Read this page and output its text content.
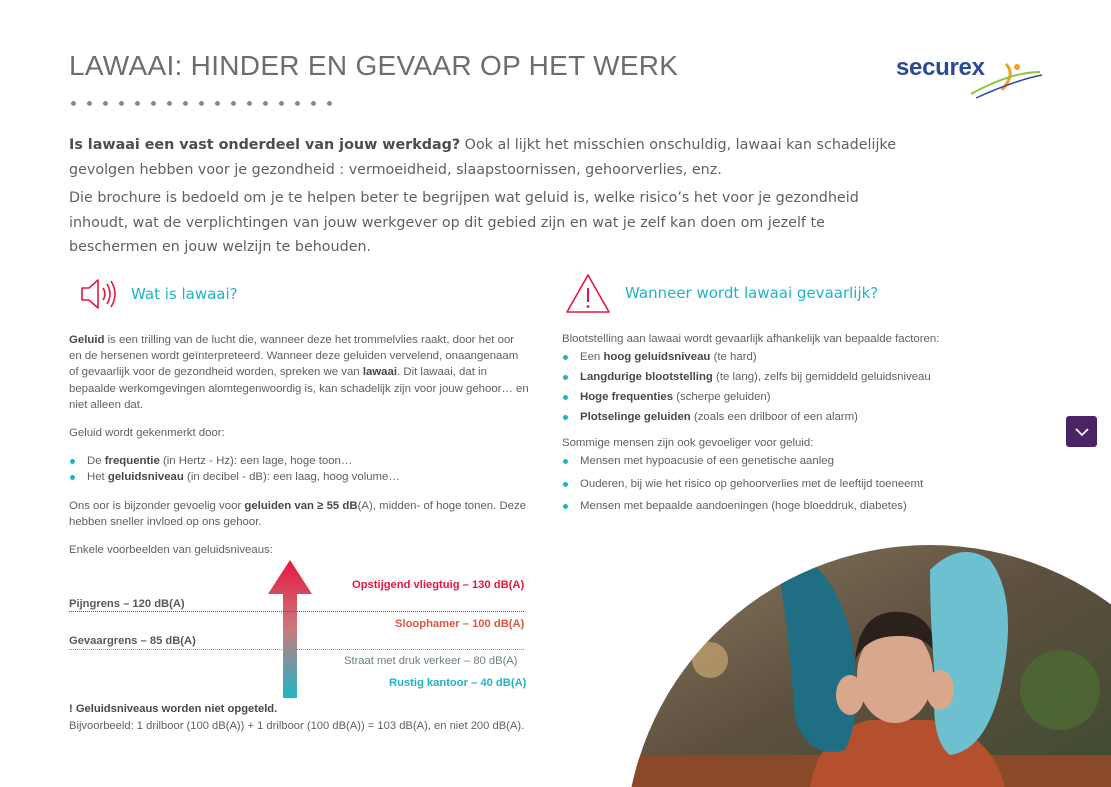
LAWAAI: HINDER EN GEVAAR OP HET WERK	securex

Is lawaai een vast onderdeel van jouw werkdag? Ook al lijkt het misschien onschuldig, lawaai kan schadelijke gevolgen hebben voor je gezondheid : vermoeidheid, slaapstoornissen, gehoorverlies, enz.

Die brochure is bedoeld om je te helpen beter te begrijpen wat geluid is, welke risico’s het voor je gezondheid inhoudt, wat de verplichtingen van jouw werkgever op dit gebied zijn en wat je zelf kan doen om jezelf te beschermen en jouw welzijn te behouden.

Wat is lawaai?	Wanneer wordt lawaai gevaarlijk?

Geluid is een trilling van de lucht die, wanneer deze het trommelvlies raakt, door het oor en de hersenen wordt geïnterpreteerd. Wanneer deze geluiden vervelend, onaangenaam of gevaarlijk voor de gezondheid worden, spreken we van lawaai. Dit lawaai, dat in bepaalde werkomgevingen alomtegenwoordig is, kan schadelijk zijn voor jouw gehoor… en niet alleen dat.

Geluid wordt gekenmerkt door:

De frequentie (in Hertz - Hz): een lage, hoge toon…
Het geluidsniveau (in decibel - dB): een laag, hoog volume…

Ons oor is bijzonder gevoelig voor geluiden van ≥ 55 dB(A), midden- of hoge tonen. Deze hebben sneller invloed op ons gehoor.

Enkele voorbeelden van geluidsniveaus:

Opstijgend vliegtuig – 130 dB(A)
Pijngrens – 120 dB(A)
Sloophamer – 100 dB(A)
Gevaargrens – 85 dB(A)
Straat met druk verkeer – 80 dB(A)
Rustig kantoor – 40 dB(A)
! Geluidsniveaus worden niet opgeteld.
Bijvoorbeeld: 1 drilboor (100 dB(A)) + 1 drilboor (100 dB(A)) = 103 dB(A), en niet 200 dB(A).

Blootstelling aan lawaai wordt gevaarlijk afhankelijk van bepaalde factoren:

Een hoog geluidsniveau (te hard)
Langdurige blootstelling (te lang), zelfs bij gemiddeld geluidsniveau
Hoge frequenties (scherpe geluiden)
Plotselinge geluiden (zoals een drilboor of een alarm)

Sommige mensen zijn ook gevoeliger voor geluid:

Mensen met hypoacusie of een genetische aanleg
Ouderen, bij wie het risico op gehoorverlies met de leeftijd toeneemt
Mensen met bepaalde aandoeningen (hoge bloeddruk, diabetes)
